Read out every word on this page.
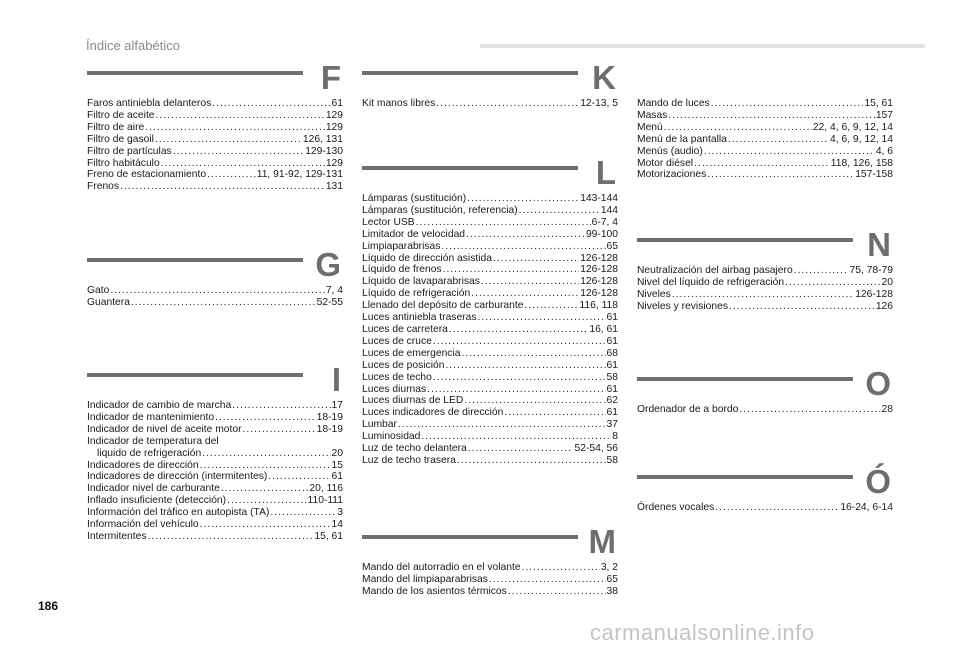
Índice alfabético
F
Faros antiniebla delanteros .....	61
Filtro de aceite .....	129
Filtro de aire .....	129
Filtro de gasoil .....	126, 131
Filtro de partículas .....	129-130
Filtro habitáculo .....	129
Freno de estacionamiento .....	11, 91-92, 129-131
Frenos .....	131
G
Gato .....	7, 4
Guantera .....	52-55
I
Indicador de cambio de marcha .....	17
Indicador de mantenimiento .....	18-19
Indicador de nivel de aceite motor .....	18-19
Indicador de temperatura del
liquido de refrigeración .....	20
Indicadores de dirección .....	15
Indicadores de dirección (intermitentes) .....	61
Indicador nivel de carburante .....	20, 116
Inflado insuficiente (detección) .....	110-111
Información del tráfico en autopista (TA) .....	3
Información del vehículo .....	14
Intermitentes .....	15, 61
K
Kit manos libres .....	12-13, 5
L
Lámparas (sustitución) .....	143-144
Lámparas (sustitución, referencia) .....	144
Lector USB .....	6-7, 4
Limitador de velocidad .....	99-100
Limpiaparabrisas .....	65
Líquido de dirección asistida .....	126-128
Líquido de frenos .....	126-128
Líquido de lavaparabrisas .....	126-128
Líquido de refrigeración .....	126-128
Llenado del depósito de carburante .....	116, 118
Luces antiniebla traseras .....	61
Luces de carretera .....	16, 61
Luces de cruce .....	61
Luces de emergencia .....	68
Luces de posición .....	61
Luces de techo .....	58
Luces diurnas .....	61
Luces diurnas de LED .....	62
Luces indicadores de dirección .....	61
Lumbar .....	37
Luminosidad .....	8
Luz de techo delantera .....	52-54, 56
Luz de techo trasera .....	58
M
Mando del autorradio en el volante .....	3, 2
Mando del limpiaparabrisas .....	65
Mando de los asientos térmicos .....	38
Mando de luces .....	15, 61
Masas .....	157
Menú .....	22, 4, 6, 9, 12, 14
Menú de la pantalla .....	4, 6, 9, 12, 14
Menús (audio) .....	4, 6
Motor diésel .....	118, 126, 158
Motorizaciones .....	157-158
N
Neutralización del airbag pasajero .....	75, 78-79
Nivel del líquido de refrigeración .....	20
Niveles .....	126-128
Niveles y revisiones .....	126
O
Ordenador de a bordo .....	28
Ó
Órdenes vocales .....	16-24, 6-14
186
carmanualsonline.info
